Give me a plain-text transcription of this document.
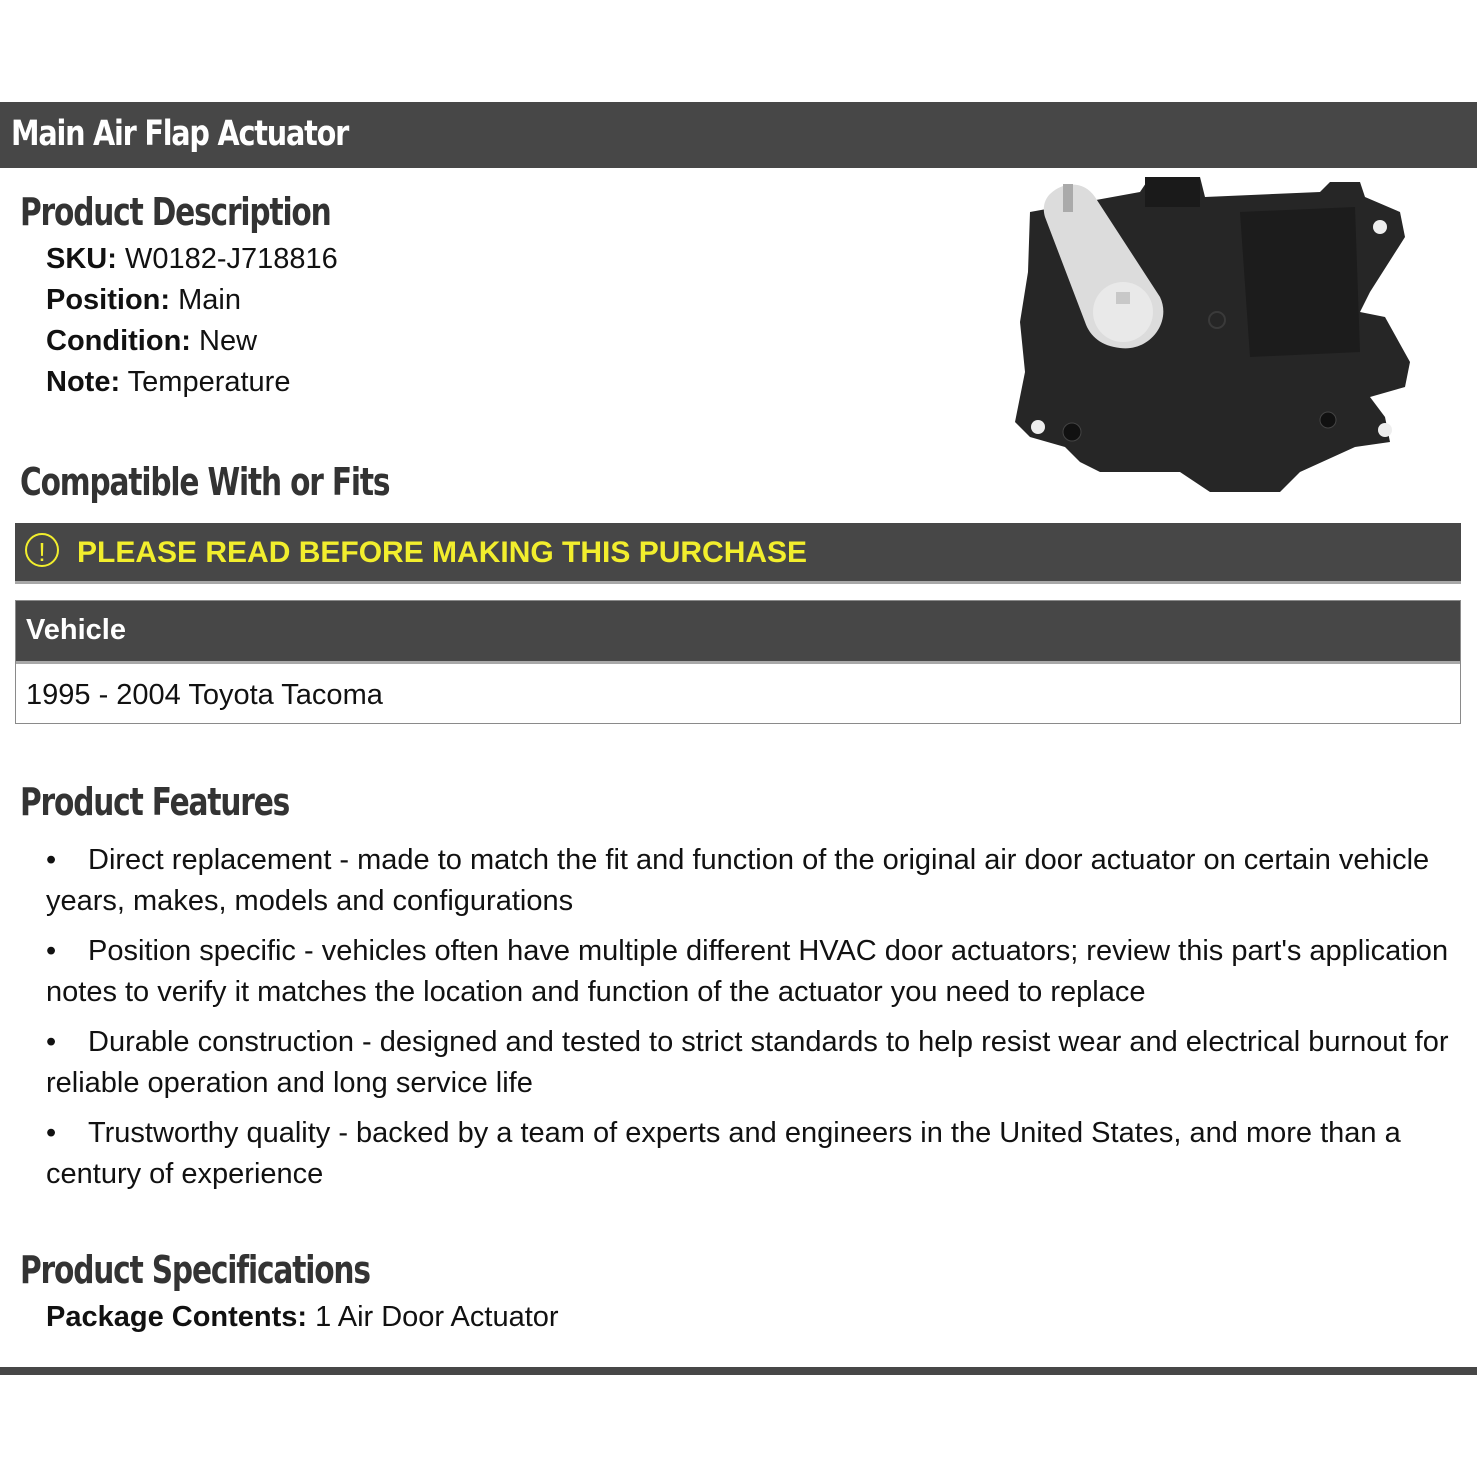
Main Air Flap Actuator
Product Description
SKU: W0182-J718816
Position: Main
Condition: New
Note: Temperature
Compatible With or Fits
!	PLEASE READ BEFORE MAKING THIS PURCHASE
Vehicle
1995 - 2004 Toyota Tacoma
Product Features
• Direct replacement - made to match the fit and function of the original air door actuator on certain vehicle years, makes, models and configurations
• Position specific - vehicles often have multiple different HVAC door actuators; review this part's application notes to verify it matches the location and function of the actuator you need to replace
• Durable construction - designed and tested to strict standards to help resist wear and electrical burnout for reliable operation and long service life
• Trustworthy quality - backed by a team of experts and engineers in the United States, and more than a century of experience
Product Specifications
Package Contents: 1 Air Door Actuator
